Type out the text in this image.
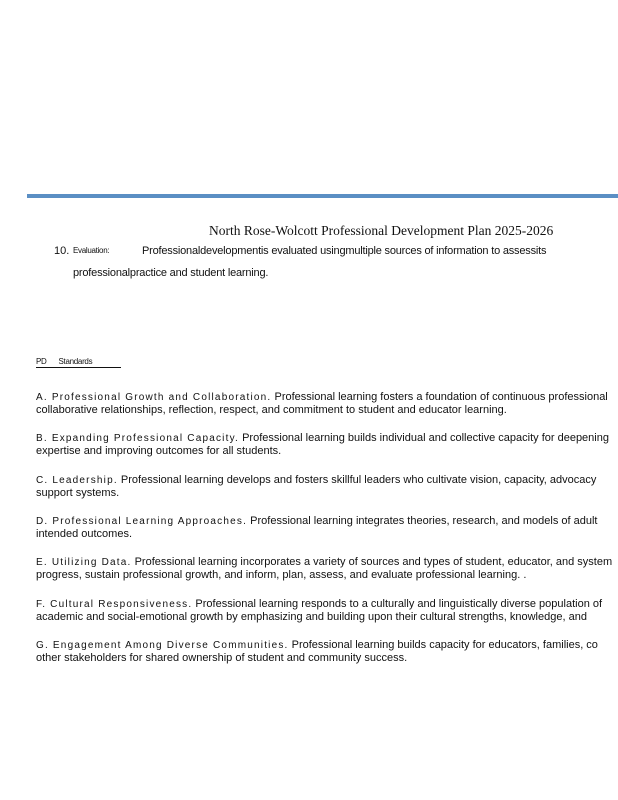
North Rose-Wolcott Professional Development Plan 2025-2026
10. Evaluation:	Professionaldevelopmentis evaluated usingmultiple sources of information to assessits
professionalpractice and student learning.
PD Standards
A. Professional Growth and Collaboration. Professional learning fosters a foundation of continuous professional
collaborative relationships, reflection, respect, and commitment to student and educator learning.
B. Expanding Professional Capacity. Professional learning builds individual and collective capacity for deepening
expertise and improving outcomes for all students.
C. Leadership. Professional learning develops and fosters skillful leaders who cultivate vision, capacity, advocacy
support systems.
D. Professional Learning Approaches. Professional learning integrates theories, research, and models of adult
intended outcomes.
E. Utilizing Data. Professional learning incorporates a variety of sources and types of student, educator, and system
progress, sustain professional growth, and inform, plan, assess, and evaluate professional learning. .
F. Cultural Responsiveness. Professional learning responds to a culturally and linguistically diverse population of
academic and social-emotional growth by emphasizing and building upon their cultural strengths, knowledge, and
G. Engagement Among Diverse Communities. Professional learning builds capacity for educators, families, co
other stakeholders for shared ownership of student and community success.
